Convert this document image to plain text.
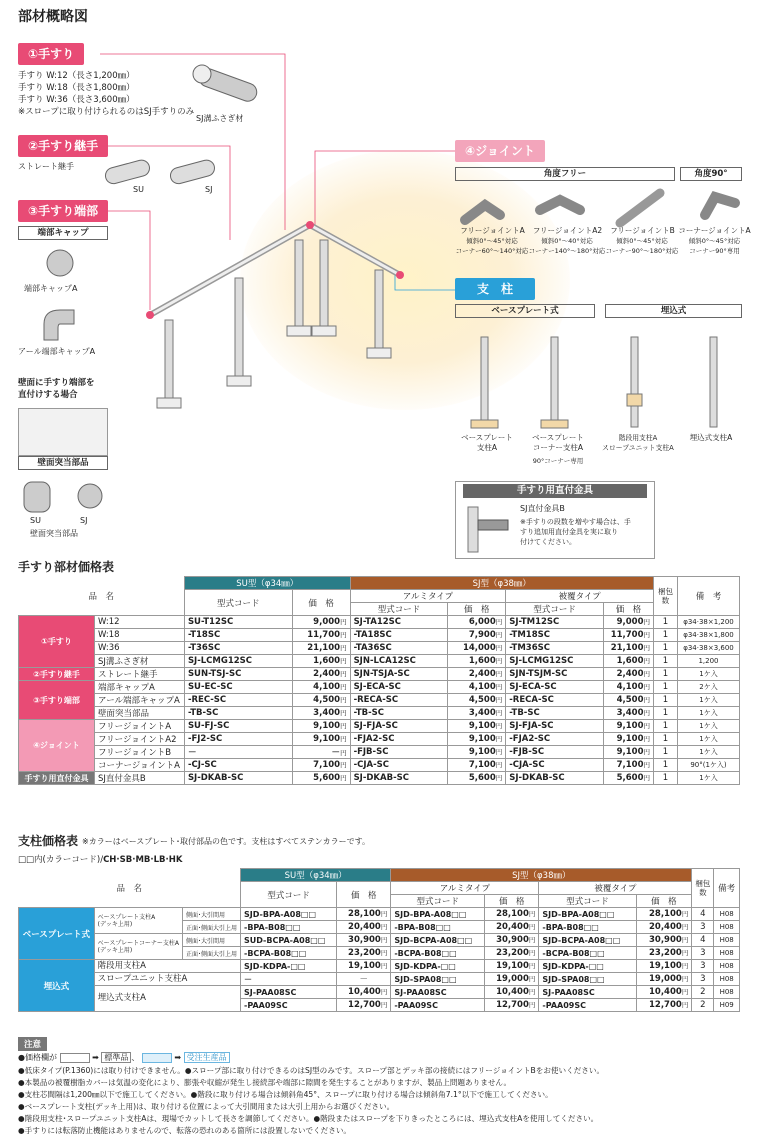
部材概略図
①手すり
手すり W:12（長さ1,200㎜）
手すり W:18（長さ1,800㎜）
手すり W:36（長さ3,600㎜）
※スロープに取り付けられるのはSJ手すりのみ
SJ溝ふさぎ材
②手すり継手
ストレート継手
SU	SJ
③手すり端部
端部キャップ
端部キャップA
アール端部キャップA
壁面に手すり端部を
直付けする場合
壁面突当部品
SU	SJ
壁面突当部品
④ジョイント
角度フリー	角度90°
フリージョイントA
傾斜0°～45°対応
コーナー60°～140°対応
フリージョイントA2
傾斜0°～40°対応
コーナー140°～180°対応
フリージョイントB
傾斜0°～45°対応
コーナー90°～180°対応
コーナージョイントA
傾斜0°～45°対応
コーナー90°専用
支　柱
ベースプレート式	埋込式
ベースプレート
支柱A
ベースプレート
コーナー支柱A
90°コーナー専用
階段用支柱A
スロープユニット支柱A
埋込式支柱A
手すり用直付金具
SJ直付金具B
※手すりの段数を増やす場合は、手
すり追加用直付金具を実に取り
付けてください。
手すり部材価格表
品　名		SU型（φ34㎜）		SJ型（φ38㎜）				梱包
数	備　考
		型式コード	価　格	アルミタイプ		被覆タイプ			
				型式コード	価　格	型式コード	価　格		
①手すり	W:12	SU-T12SC	9,000円	SJ-TA12SC	6,000円	SJ-TM12SC	9,000円	1	φ34·38×1,200
	W:18	-T18SC	11,700円	-TA18SC	7,900円	-TM18SC	11,700円	1	φ34·38×1,800
	W:36	-T36SC	21,100円	-TA36SC	14,000円	-TM36SC	21,100円	1	φ34·38×3,600
	SJ溝ふさぎ材	SJ-LCMG12SC	1,600円	SJN-LCA12SC	1,600円	SJ-LCMG12SC	1,600円	1	1,200
②手すり継手	ストレート継手	SUN-TSJ-SC	2,400円	SJN-TSJA-SC	2,400円	SJN-TSJM-SC	2,400円	1	1ケ入
③手すり端部	端部キャップA	SU-EC-SC	4,100円	SJ-ECA-SC	4,100円	SJ-ECA-SC	4,100円	1	2ケ入
	アール端部キャップA	-REC-SC	4,500円	-RECA-SC	4,500円	-RECA-SC	4,500円	1	1ケ入
	壁面突当部品	-TB-SC	3,400円	-TB-SC	3,400円	-TB-SC	3,400円	1	1ケ入
④ジョイント	フリージョイントA	SU-FJ-SC	9,100円	SJ-FJA-SC	9,100円	SJ-FJA-SC	9,100円	1	1ケ入
	フリージョイントA2	-FJ2-SC	9,100円	-FJA2-SC	9,100円	-FJA2-SC	9,100円	1	1ケ入
	フリージョイントB	－	－円	-FJB-SC	9,100円	-FJB-SC	9,100円	1	1ケ入
	コーナージョイントA	-CJ-SC	7,100円	-CJA-SC	7,100円	-CJA-SC	7,100円	1	90°(1ケ入)
手すり用直付金具	SJ直付金具B	SJ-DKAB-SC	5,600円	SJ-DKAB-SC	5,600円	SJ-DKAB-SC	5,600円	1	1ケ入
支柱価格表 ※カラーはベースプレート･取付部品の色です。支柱はすべてステンカラーです。
□□内(カラーコード)/CH·SB·MB·LB·HK
品　名			SU型（φ34㎜）		SJ型（φ38㎜）				梱包
数	備考
			型式コード	価　格	アルミタイプ		被覆タイプ			
					型式コード	価　格	型式コード	価　格		
ベースプレート式	ベースプレート支柱A
(デッキ上用)	側面･大引間用	SJD-BPA-A08□□	28,100円	SJD-BPA-A08□□	28,100円	SJD-BPA-A08□□	28,100円	4	H08
		正面･側面大引上用	-BPA-B08□□	20,400円	-BPA-B08□□	20,400円	-BPA-B08□□	20,400円	3	H08
	ベースプレートコーナー支柱A
(デッキ上用)	側面･大引間用	SUD-BCPA-A08□□	30,900円	SJD-BCPA-A08□□	30,900円	SJD-BCPA-A08□□	30,900円	4	H08
		正面･側面大引上用	-BCPA-B08□□	23,200円	-BCPA-B08□□	23,200円	-BCPA-B08□□	23,200円	3	H08
埋込式	階段用支柱A		SJD-KDPA-□□	19,100円	SJD-KDPA-□□	19,100円	SJD-KDPA-□□	19,100円	3	H08
	スロープユニット支柱A		－	－	SJD-SPA08□□	19,000円	SJD-SPA08□□	19,000円	3	H08
	埋込式支柱A		SJ-PAA08SC	10,400円	SJ-PAA08SC	10,400円	SJ-PAA08SC	10,400円	2	H08
			-PAA09SC	12,700円	-PAA09SC	12,700円	-PAA09SC	12,700円	2	H09
注意
●価格欄が	➡ 標準品 、	➡ 受注生産品
●低床タイプ(P.1360)には取り付けできません。●スロープ部に取り付けできるのはSJ型のみです。スロープ部とデッキ部の接続にはフリージョイントBをお使いください。
●本製品の被覆樹脂カバーは気温の変化により、膨張や収縮が発生し接続部や端部に隙間を発生することがありますが、製品上問題ありません。
●支柱芯間隔は1,200㎜以下で施工してください。●階段に取り付ける場合は傾斜角45°、スロープに取り付ける場合は傾斜角7.1°以下で施工してください。
●ベースプレート支柱(デッキ上用)は、取り付ける位置によって大引間用または大引上用からお選びください。
●階段用支柱･スロープユニット支柱Aは、現場でカットして長さを調節してください。●階段またはスロープを下りきったところには、埋込式支柱Aを使用してください。
●手すりには転落防止機能はありませんので、転落の恐れのある箇所には設置しないでください。
